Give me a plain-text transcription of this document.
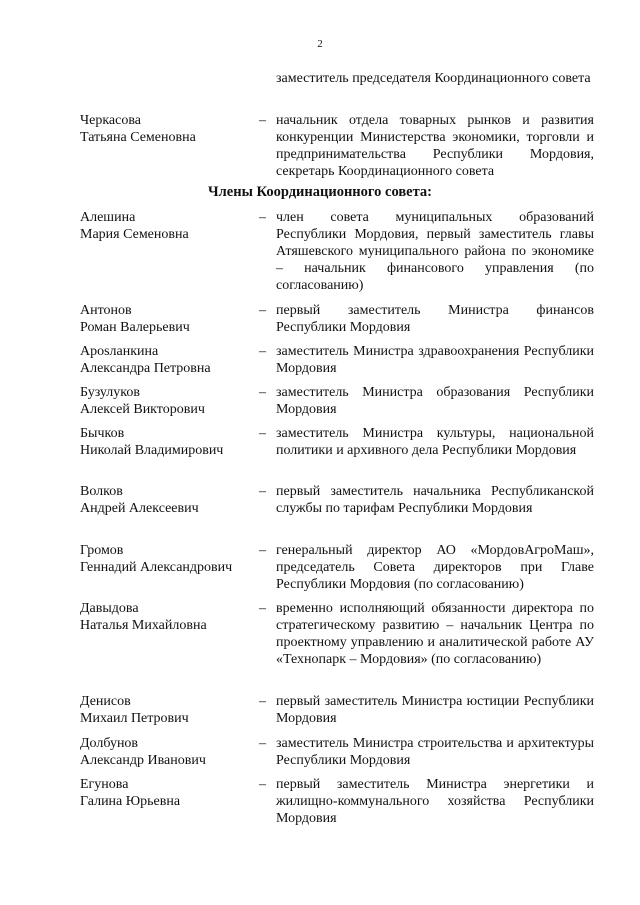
2
заместитель председателя Координационного совета
Черкасова
Татьяна Семеновна
– начальник отдела товарных рынков и развития конкуренции Министерства экономики, торговли и предпринимательства Республики Мордовия, секретарь Координационного совета
Члены Координационного совета:
Алешина
Мария Семеновна
– член совета муниципальных образований Республики Мордовия, первый заместитель главы Атяшевского муниципального района по экономике – начальник финансового управления (по согласованию)
Антонов
Роман Валерьевич
– первый заместитель Министра финансов Республики Мордовия
Арosланкина
Александра Петровна
– заместитель Министра здравоохранения Республики Мордовия
Бузулуков
Алексей Викторович
– заместитель Министра образования Республики Мордовия
Бычков
Николай Владимирович
– заместитель Министра культуры, национальной политики и архивного дела Республики Мордовия
Волков
Андрей Алексеевич
– первый заместитель начальника Республиканской службы по тарифам Республики Мордовия
Громов
Геннадий Александрович
– генеральный директор АО «МордовАгроМаш», председатель Совета директоров при Главе Республики Мордовия (по согласованию)
Давыдова
Наталья Михайловна
– временно исполняющий обязанности директора по стратегическому развитию – начальник Центра по проектному управлению и аналитической работе АУ «Технопарк – Мордовия» (по согласованию)
Денисов
Михаил Петрович
– первый заместитель Министра юстиции Республики Мордовия
Долбунов
Александр Иванович
– заместитель Министра строительства и архитектуры Республики Мордовия
Егунова
Галина Юрьевна
– первый заместитель Министра энергетики и жилищно-коммунального хозяйства Республики Мордовия
